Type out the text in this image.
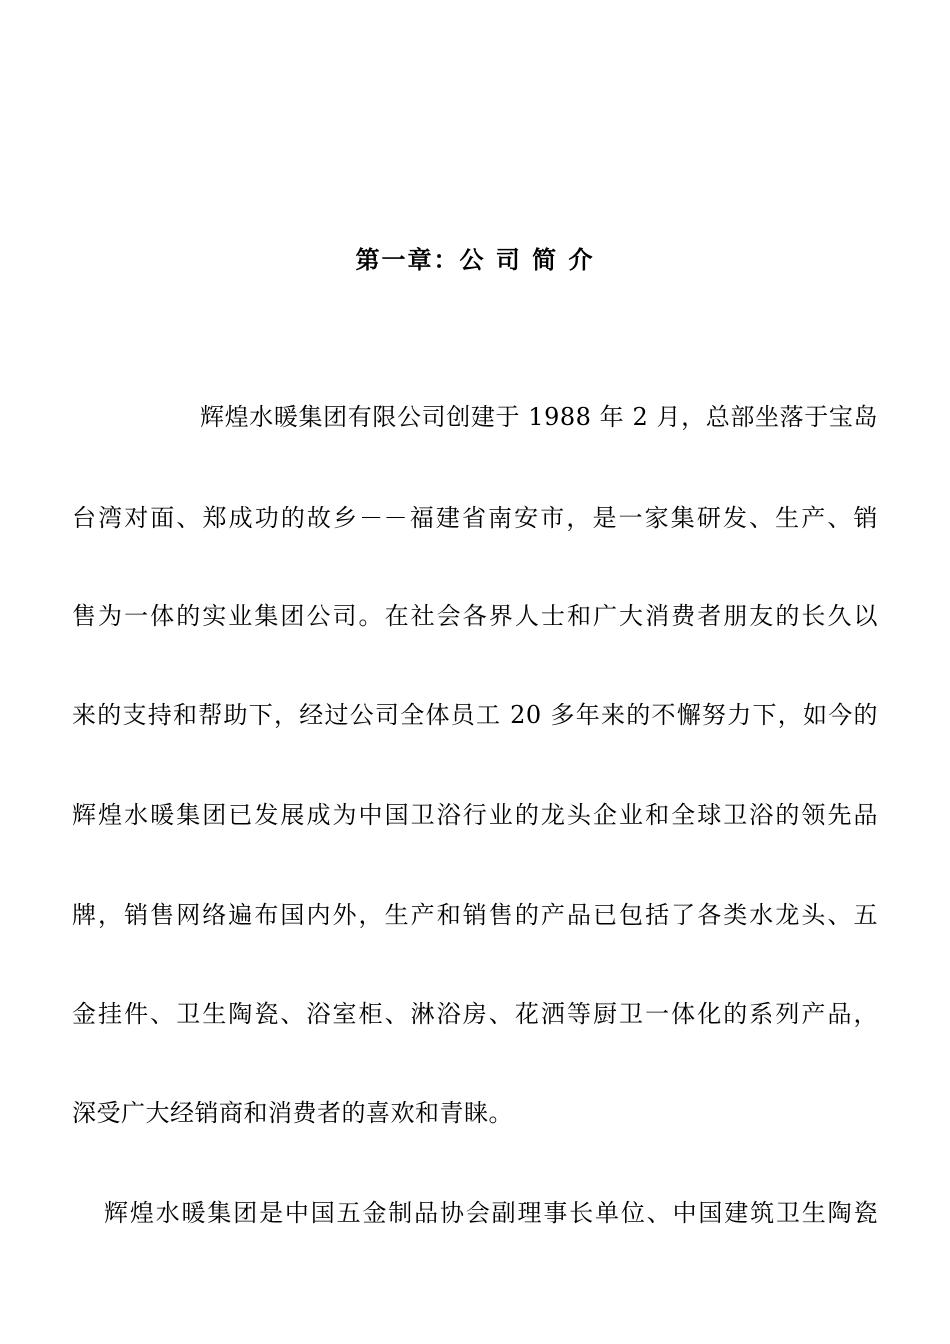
第一章：公 司 简 介
辉煌水暖集团有限公司创建于 1988 年 2 月，总部坐落于宝岛
台湾对面、郑成功的故乡－－福建省南安市，是一家集研发、生产、销
售为一体的实业集团公司。在社会各界人士和广大消费者朋友的长久以
来的支持和帮助下，经过公司全体员工 20 多年来的不懈努力下，如今的
辉煌水暖集团已发展成为中国卫浴行业的龙头企业和全球卫浴的领先品
牌，销售网络遍布国内外，生产和销售的产品已包括了各类水龙头、五
金挂件、卫生陶瓷、浴室柜、淋浴房、花洒等厨卫一体化的系列产品，
深受广大经销商和消费者的喜欢和青睐。
辉煌水暖集团是中国五金制品协会副理事长单位、中国建筑卫生陶瓷
